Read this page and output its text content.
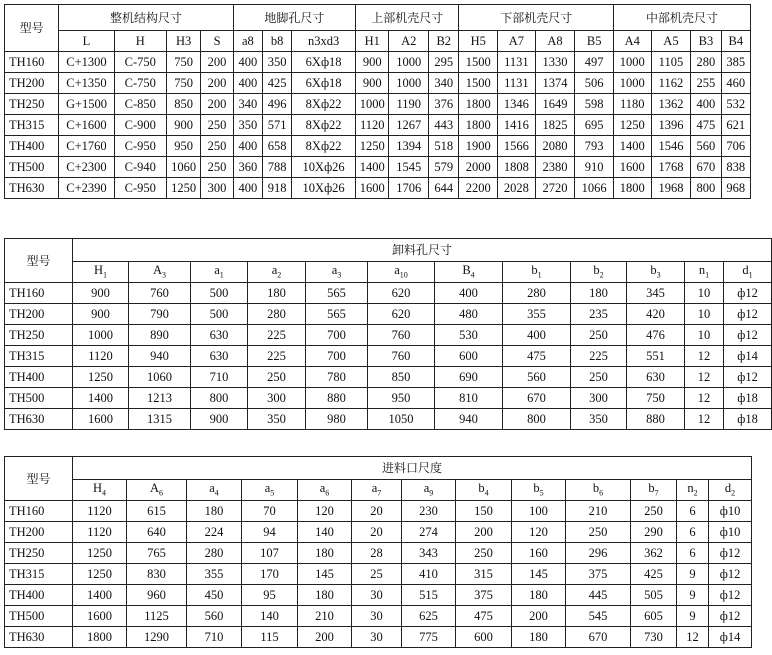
型号	整机结构尺寸				地脚孔尺寸			上部机壳尺寸			下部机壳尺寸				中部机壳尺寸			
	L	H	H3	S	a8	b8	n3xd3	H1	A2	B2	H5	A7	A8	B5	A4	A5	B3	B4
TH160	C+1300	C-750	750	200	400	350	6Xф18	900	1000	295	1500	1131	1330	497	1000	1105	280	385
TH200	C+1350	C-750	750	200	400	425	6Xф18	900	1000	340	1500	1131	1374	506	1000	1162	255	460
TH250	G+1500	C-850	850	200	340	496	8Xф22	1000	1190	376	1800	1346	1649	598	1180	1362	400	532
TH315	C+1600	C-900	900	250	350	571	8Xф22	1120	1267	443	1800	1416	1825	695	1250	1396	475	621
TH400	C+1760	C-950	950	250	400	658	8Xф22	1250	1394	518	1900	1566	2080	793	1400	1546	560	706
TH500	C+2300	C-940	1060	250	360	788	10Xф26	1400	1545	579	2000	1808	2380	910	1600	1768	670	838
TH630	C+2390	C-950	1250	300	400	918	10Xф26	1600	1706	644	2200	2028	2720	1066	1800	1968	800	968
型号	卸料孔尺寸											
	$H_1$	$A_3$	$a_1$	$a_2$	$a_3$	$a_{10}$	$B_4$	$b_1$	$b_2$	$b_3$	$n_1$	$d_1$
TH160	900	760	500	180	565	620	400	280	180	345	10	ф12
TH200	900	790	500	280	565	620	480	355	235	420	10	ф12
TH250	1000	890	630	225	700	760	530	400	250	476	10	ф12
TH315	1120	940	630	225	700	760	600	475	225	551	12	ф14
TH400	1250	1060	710	250	780	850	690	560	250	630	12	ф12
TH500	1400	1213	800	300	880	950	810	670	300	750	12	ф18
TH630	1600	1315	900	350	980	1050	940	800	350	880	12	ф18
型号	进料口尺度												
	$H_4$	$A_6$	$a_4$	$a_5$	$a_6$	$a_7$	$a_9$	$b_4$	$b_5$	$b_6$	$b_7$	$n_2$	$d_2$
TH160	1120	615	180	70	120	20	230	150	100	210	250	6	ф10
TH200	1120	640	224	94	140	20	274	200	120	250	290	6	ф10
TH250	1250	765	280	107	180	28	343	250	160	296	362	6	ф12
TH315	1250	830	355	170	145	25	410	315	145	375	425	9	ф12
TH400	1400	960	450	95	180	30	515	375	180	445	505	9	ф12
TH500	1600	1125	560	140	210	30	625	475	200	545	605	9	ф12
TH630	1800	1290	710	115	200	30	775	600	180	670	730	12	ф14
